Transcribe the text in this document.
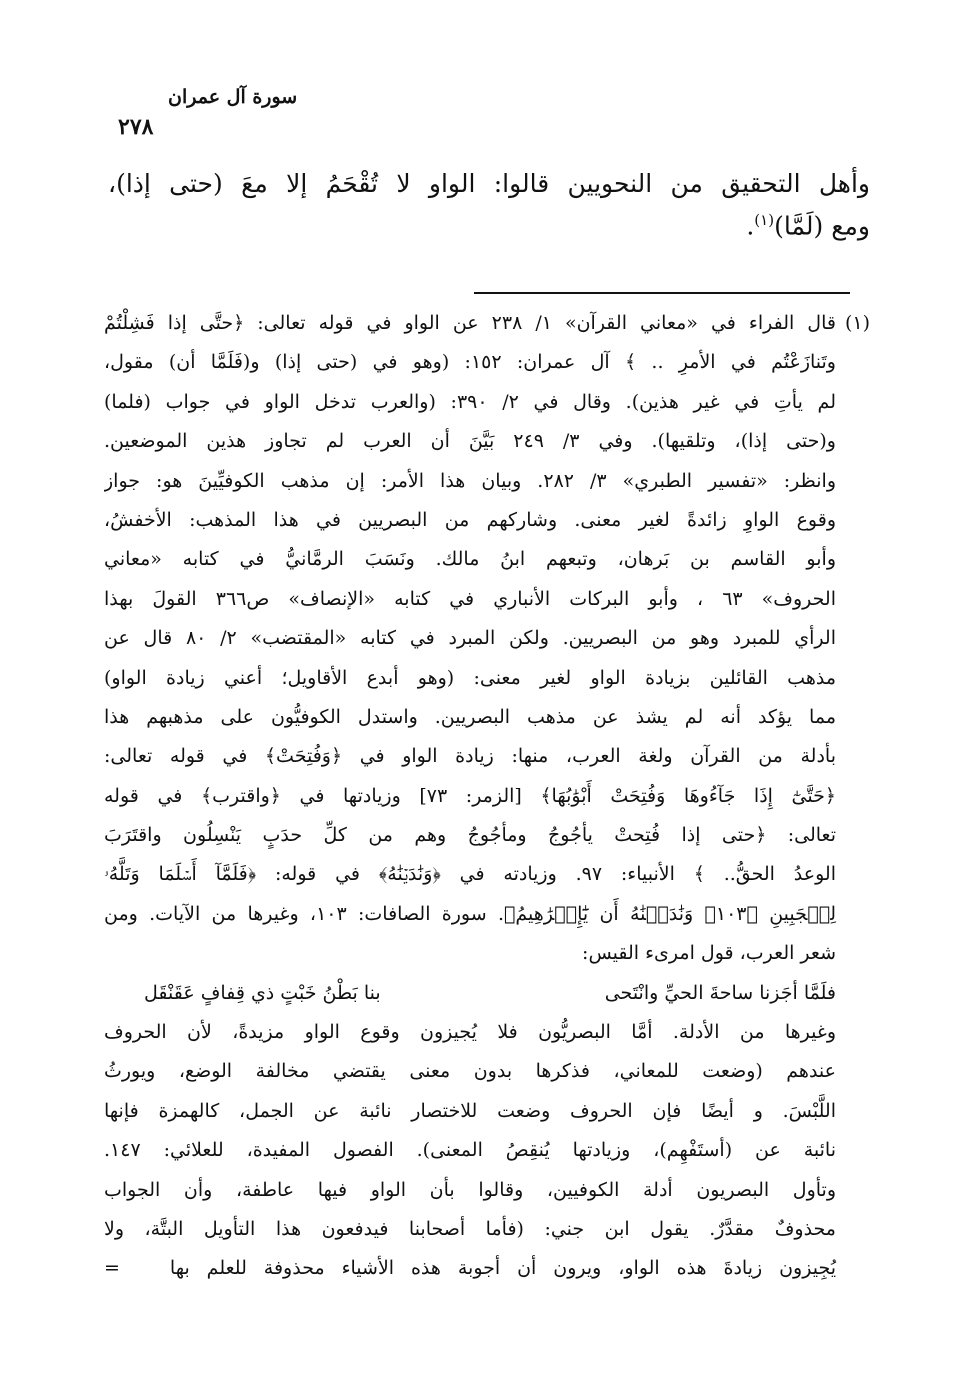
سورة آل عمران
٢٧٨
وأهل التحقيق من النحويين قالوا: الواو لا تُقْحَمُ إلا معَ (حتى إذا)،
ومع (لَمَّا)$^{(١)}$.
(١)
قال الفراء في «معاني القرآن» ١/ ٢٣٨ عن الواو في قوله تعالى: ﴿حتَّى إذا فَشِلْتُمْ
وتَنازَعْتُم في الأمرِ .. ﴾ آل عمران: ١٥٢: (وهو في (حتى إذا) و(فَلَمَّا أن) مقول،
لم يأتِ في غير هذين). وقال في ٢/ ٣٩٠: (والعرب تدخل الواو في جواب (فلما)
و(حتى إذا)، وتلقيها). وفي ٣/ ٢٤٩ بَيَّنَ أن العرب لم تجاوز هذين الموضعين.
وانظر: «تفسير الطبري» ٣/ ٢٨٢. وبيان هذا الأمر: إن مذهب الكوفيِّينَ هو: جواز
وقوع الواوِ زائدةً لغير معنى. وشاركهم من البصريين في هذا المذهب: الأخفشُ،
وأبو القاسم بن بَرهان، وتبعهم ابنُ مالك. ونَسَبَ الرمَّانيُّ في كتابه «معاني
الحروف» ٦٣ ، وأبو البركات الأنباري في كتابه «الإنصاف» ص٣٦٦ القولَ بهذا
الرأي للمبرد وهو من البصريين. ولكن المبرد في كتابه «المقتضب» ٢/ ٨٠ قال عن
مذهب القائلين بزيادة الواو لغير معنى: (وهو أبدع الأقاويل؛ أعني زيادة الواو)
مما يؤكد أنه لم يشذ عن مذهب البصريين. واستدل الكوفيُّون على مذهبهم هذا
بأدلة من القرآن ولغة العرب، منها: زيادة الواو في ﴿وَفُتِحَتْ﴾ في قوله تعالى:
﴿حَتَّىٰٓ إِذَا جَآءُوهَا وَفُتِحَتْ أَبْوَٰبُهَا﴾ [الزمر: ٧٣] وزيادتها في ﴿واقترب﴾ في قوله
تعالى: ﴿حتى إذا فُتِحتْ يأجُوجُ ومأجُوجُ وهم من كلِّ حدَبٍ يَنْسِلُون واقتَرَبَ
الوعدُ الحقُّ.. ﴾ الأنبياء: ٩٧. وزيادته في ﴿وَنَٰدَيۡنَٰهُ﴾ في قوله: ﴿فَلَمَّآ أَسۡلَمَا وَتَلَّهُۥ
لِلۡجَبِينِ ﴿١٠٣﴾ وَنَٰدَيۡنَٰهُ أَن يَٰٓإِبۡرَٰهِيمُ﴾. سورة الصافات: ١٠٣، وغيرها من الآيات. ومن
شعر العرب، قول امرىء القيس:
فلَمَّا أجَزنا ساحةَ الحيِّ وانْتَحى
بنا بَطْنُ خَبْتٍ ذي قِفافٍ عَقَنْقَل
وغيرها من الأدلة. أمَّا البصريُّون فلا يُجيزون وقوع الواو مزيدةً، لأن الحروف
عندهم (وضعت للمعاني، فذكرها بدون معنى يقتضي مخالفة الوضع، ويورثُ
اللَّبْسَ. و أيضًا فإن الحروف وضعت للاختصار نائبة عن الجمل، كالهمزة فإنها
نائبة عن (أستَفْهِم)، وزيادتها يُنقِصُ المعنى). الفصول المفيدة، للعلائي: ١٤٧.
وتأول البصريون أدلة الكوفيين، وقالوا بأن الواو فيها عاطفة، وأن الجواب
محذوفٌ مقدَّرٌ. يقول ابن جني: (فأما أصحابنا فيدفعون هذا التأويل البتَّة، ولا
يُجِيزون زيادةَ هذه الواو، ويرون أن أجوبة هذه الأشياء محذوفة للعلم بها
=
